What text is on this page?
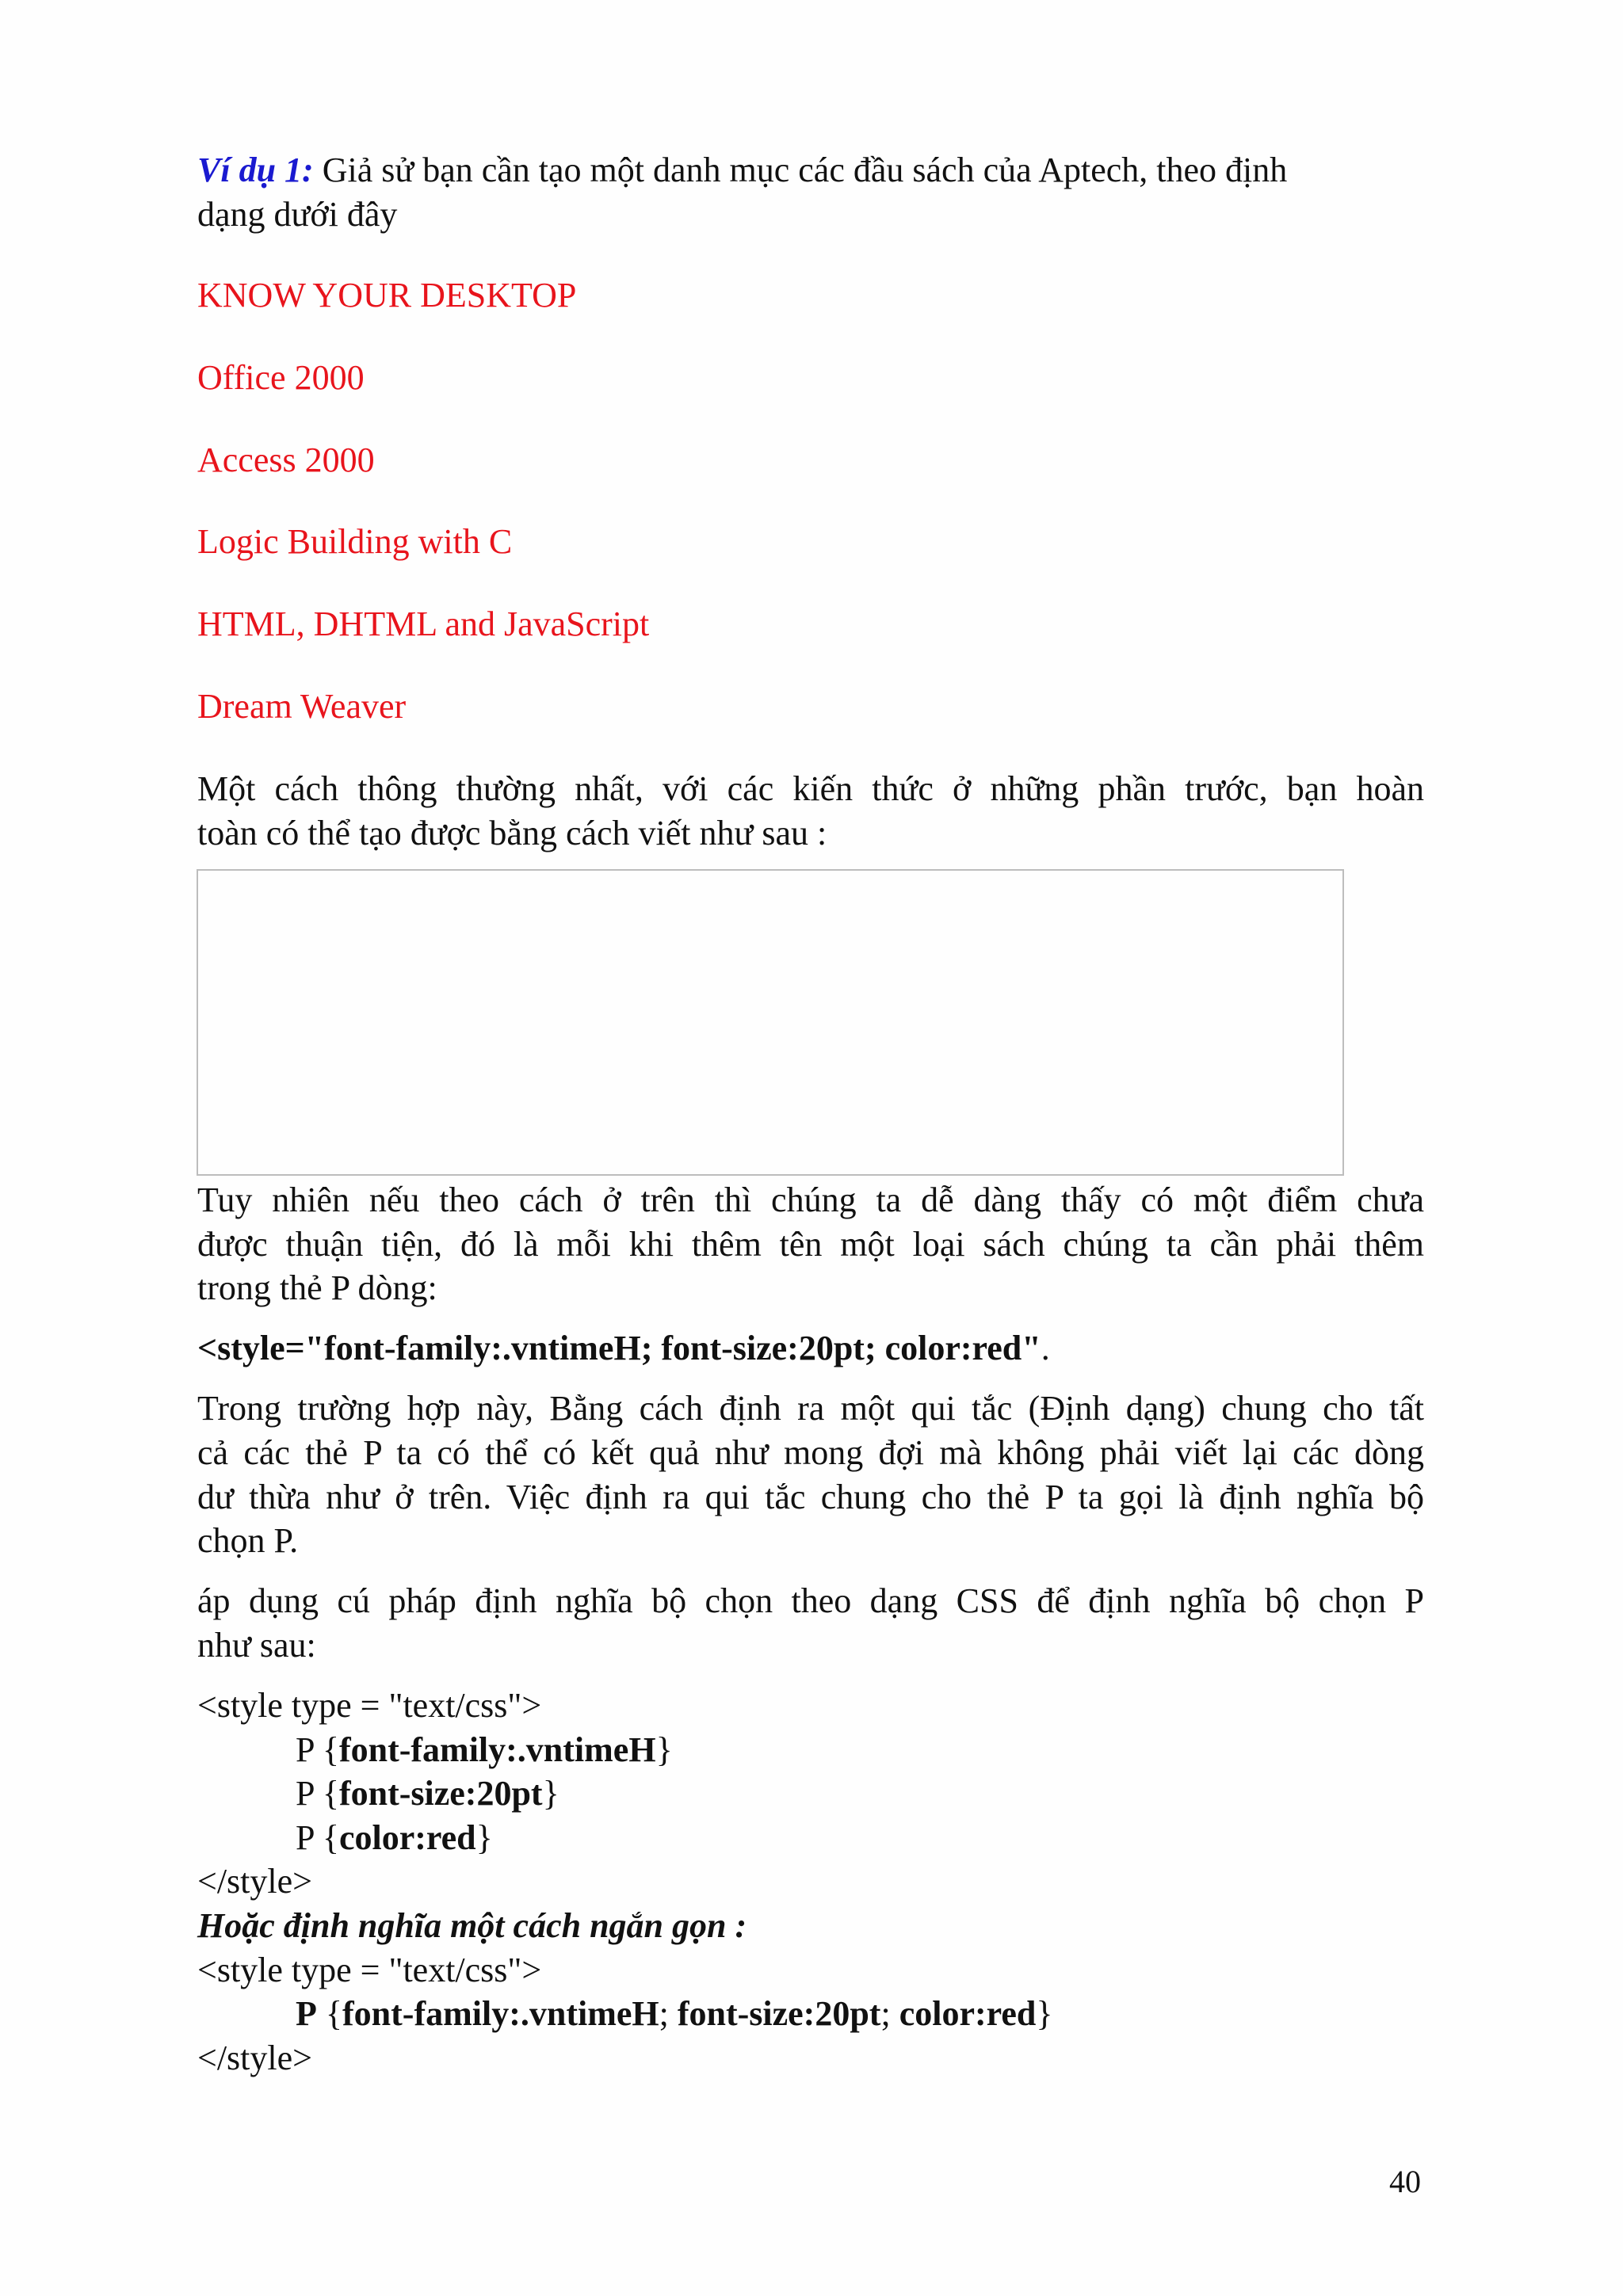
Ví dụ 1: Giả sử bạn cần tạo một danh mục các đầu sách của Aptech, theo định

dạng dưới đây

KNOW YOUR DESKTOP

Office 2000

Access 2000

Logic Building with C

HTML, DHTML and JavaScript

Dream Weaver

Một cách thông thường nhất, với các kiến thức ở những phần trước, bạn hoàn

toàn có thể tạo được bằng cách viết như sau :

Tuy nhiên nếu theo cách ở trên thì chúng ta dễ dàng thấy có một điểm chưa

được thuận tiện, đó là mỗi khi thêm tên một loại sách chúng ta cần phải thêm

trong thẻ P dòng:

<style="font-family:.vntimeH; font-size:20pt; color:red".

Trong trường hợp này, Bằng cách định ra một qui tắc (Định dạng) chung cho tất

cả các thẻ P ta có thể có kết quả như mong đợi mà không phải viết lại các dòng

dư thừa như ở trên. Việc định ra qui tắc chung cho thẻ P ta gọi là định nghĩa bộ

chọn P.

áp dụng cú pháp định nghĩa bộ chọn theo dạng CSS để định nghĩa bộ chọn P

như sau:

<style type = "text/css">

P {font-family:.vntimeH}

P {font-size:20pt}

P {color:red}

</style>

Hoặc định nghĩa một cách ngắn gọn :

<style type = "text/css">

P {font-family:.vntimeH; font-size:20pt; color:red}

</style>

40
